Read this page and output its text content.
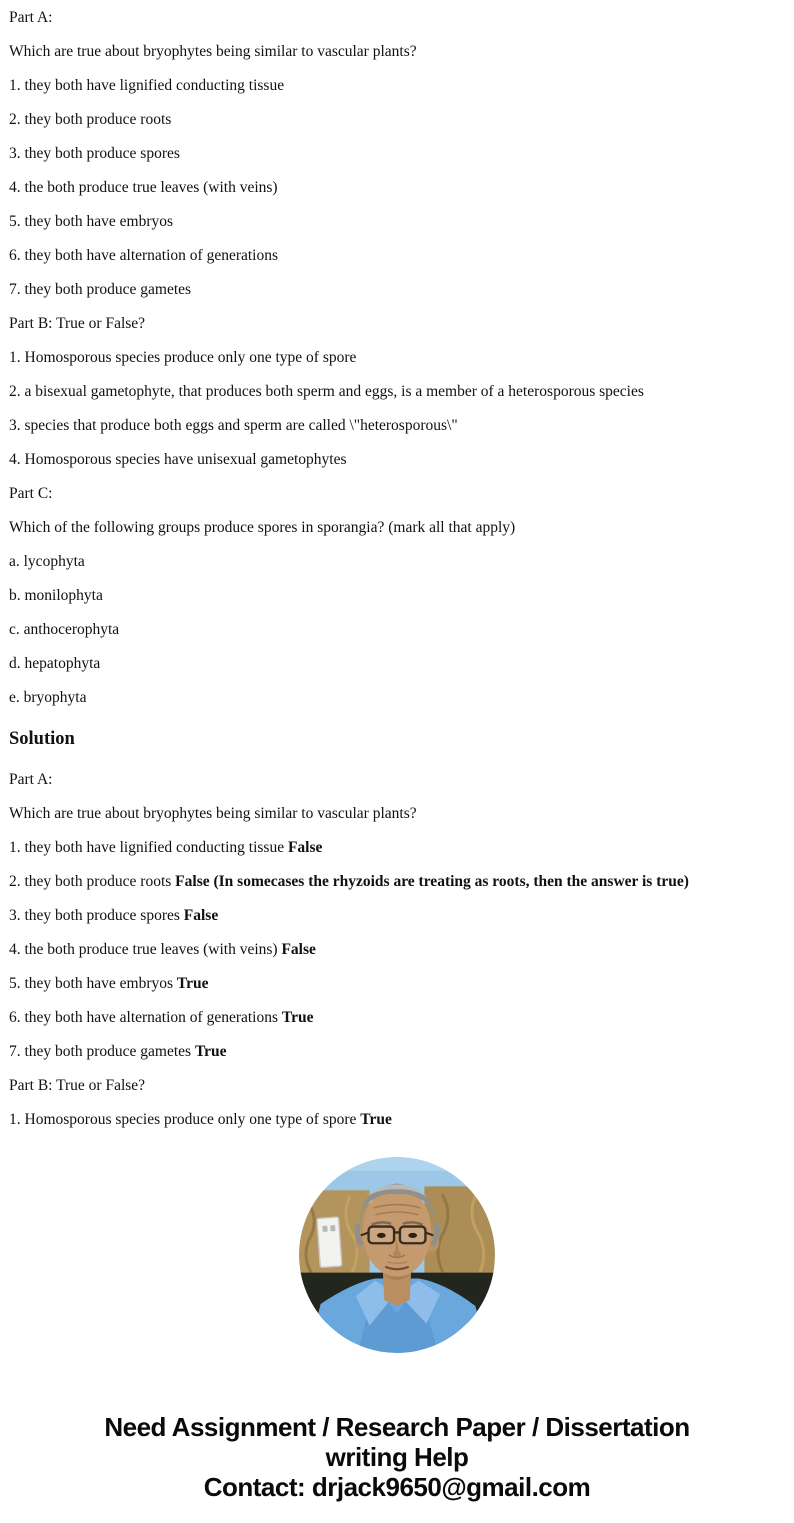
Part A:

Which are true about bryophytes being similar to vascular plants?

1. they both have lignified conducting tissue

2. they both produce roots

3. they both produce spores

4. the both produce true leaves (with veins)

5. they both have embryos

6. they both have alternation of generations

7. they both produce gametes

Part B: True or False?

1. Homosporous species produce only one type of spore

2. a bisexual gametophyte, that produces both sperm and eggs, is a member of a heterosporous species

3. species that produce both eggs and sperm are called \"heterosporous\"

4. Homosporous species have unisexual gametophytes

Part C:

Which of the following groups produce spores in sporangia? (mark all that apply)

a. lycophyta

b. monilophyta

c. anthocerophyta

d. hepatophyta

e. bryophyta

Solution

Part A:

Which are true about bryophytes being similar to vascular plants?

1. they both have lignified conducting tissue False

2. they both produce roots False (In somecases the rhyzoids are treating as roots, then the answer is true)

3. they both produce spores False

4. the both produce true leaves (with veins) False

5. they both have embryos True

6. they both have alternation of generations True

7. they both produce gametes True

Part B: True or False?

1. Homosporous species produce only one type of spore True

Need Assignment / Research Paper / Dissertation
writing Help
Contact: drjack9650@gmail.com
